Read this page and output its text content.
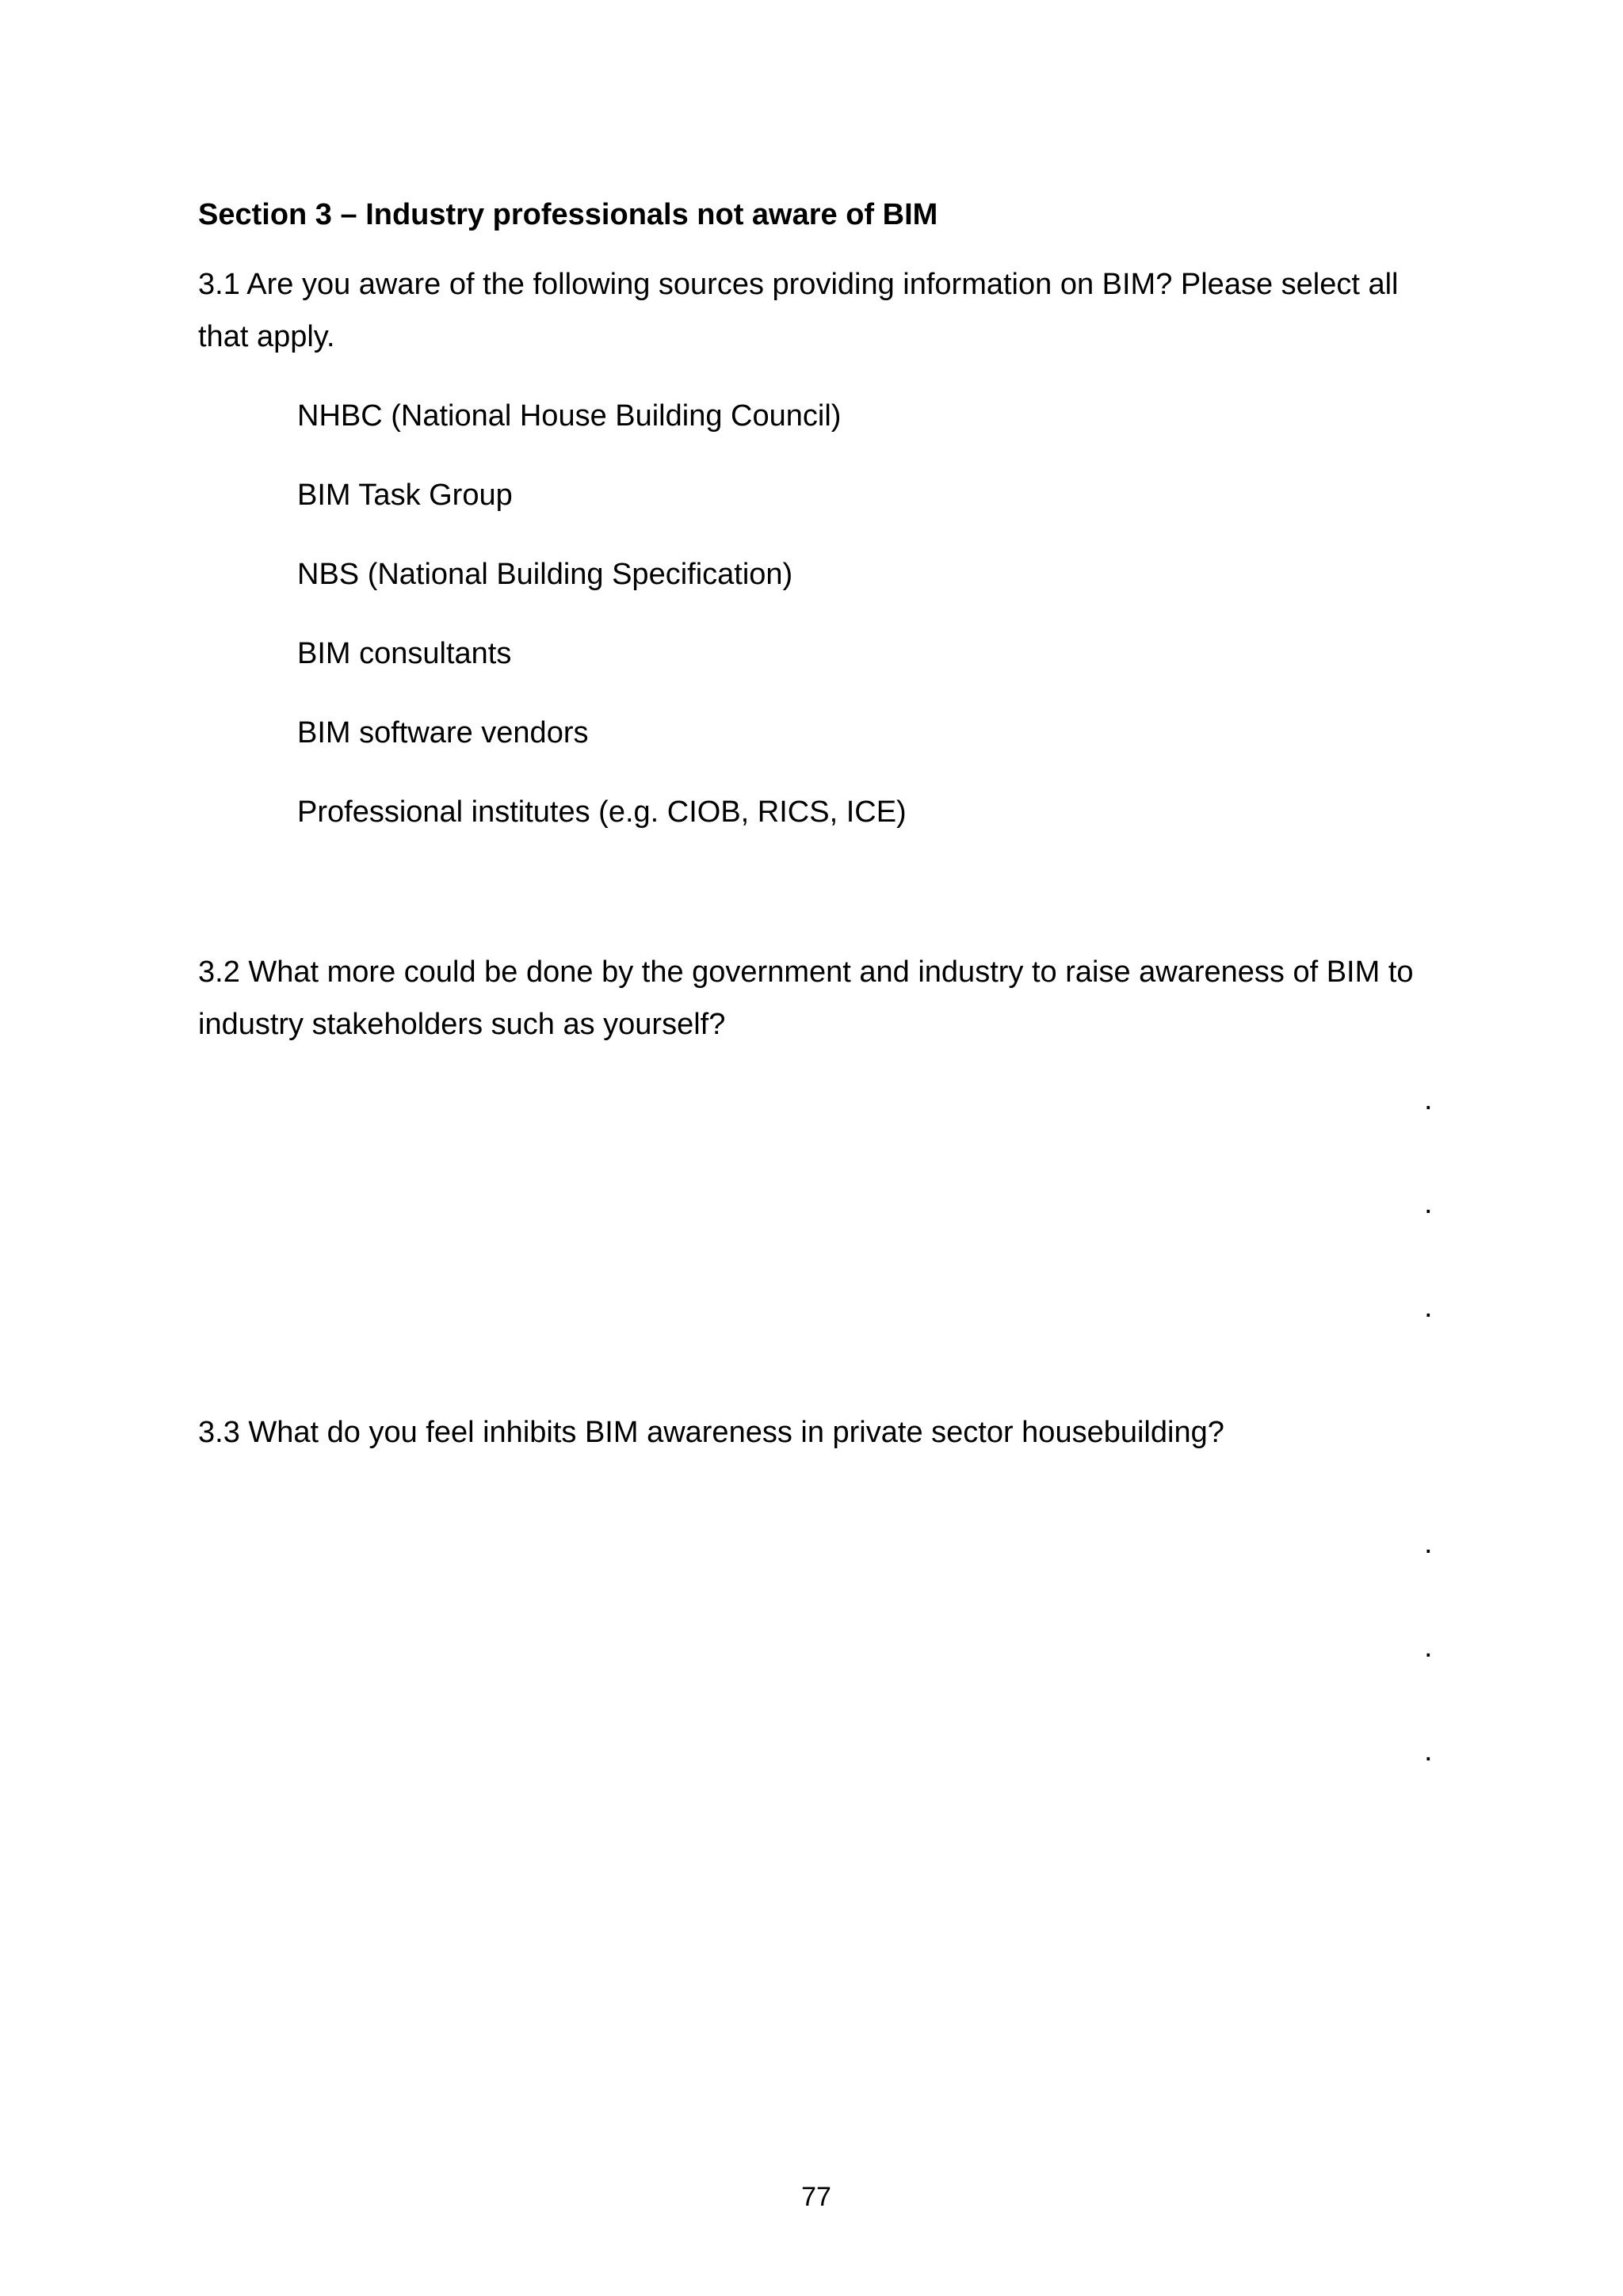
Section 3 – Industry professionals not aware of BIM

3.1 Are you aware of the following sources providing information on BIM? Please select all that apply.

NHBC (National House Building Council)
BIM Task Group
NBS (National Building Specification)
BIM consultants
BIM software vendors
Professional institutes (e.g. CIOB, RICS, ICE)

3.2 What more could be done by the government and industry to raise awareness of BIM to industry stakeholders such as yourself?

.
.
.

3.3 What do you feel inhibits BIM awareness in private sector housebuilding?

.
.
.

77
